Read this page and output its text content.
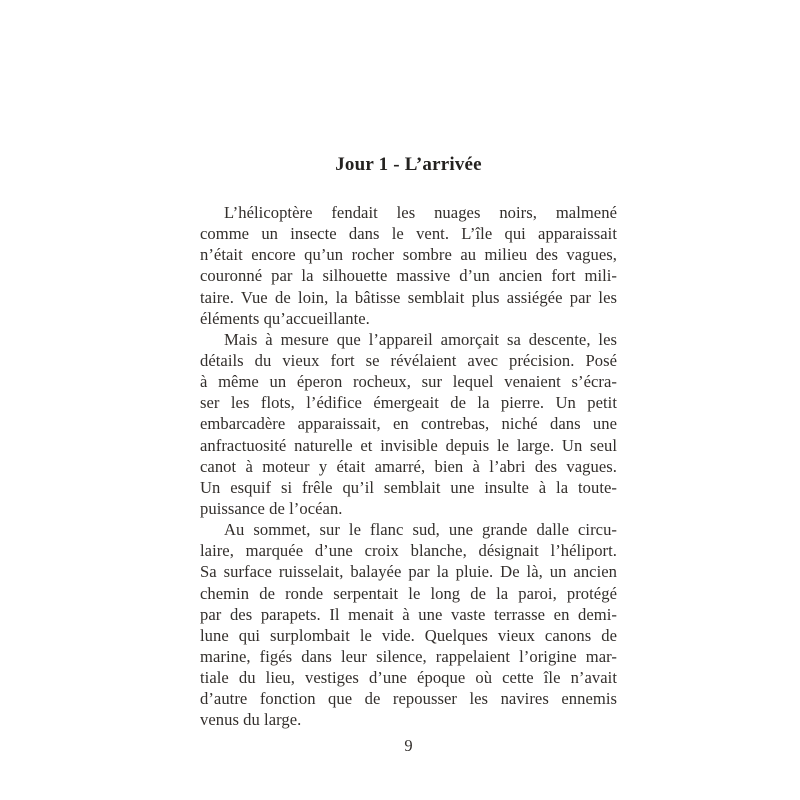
Jour 1 - L’arrivée
L’hélicoptère fendait les nuages noirs, malmené
comme un insecte dans le vent. L’île qui apparaissait
n’était encore qu’un rocher sombre au milieu des vagues,
couronné par la silhouette massive d’un ancien fort mili-
taire. Vue de loin, la bâtisse semblait plus assiégée par les
éléments qu’accueillante.
Mais à mesure que l’appareil amorçait sa descente, les
détails du vieux fort se révélaient avec précision. Posé
à même un éperon rocheux, sur lequel venaient s’écra-
ser les flots, l’édifice émergeait de la pierre. Un petit
embarcadère apparaissait, en contrebas, niché dans une
anfractuosité naturelle et invisible depuis le large. Un seul
canot à moteur y était amarré, bien à l’abri des vagues.
Un esquif si frêle qu’il semblait une insulte à la toute-
puissance de l’océan.
Au sommet, sur le flanc sud, une grande dalle circu-
laire, marquée d’une croix blanche, désignait l’héliport.
Sa surface ruisselait, balayée par la pluie. De là, un ancien
chemin de ronde serpentait le long de la paroi, protégé
par des parapets. Il menait à une vaste terrasse en demi-
lune qui surplombait le vide. Quelques vieux canons de
marine, figés dans leur silence, rappelaient l’origine mar-
tiale du lieu, vestiges d’une époque où cette île n’avait
d’autre fonction que de repousser les navires ennemis
venus du large.
9
